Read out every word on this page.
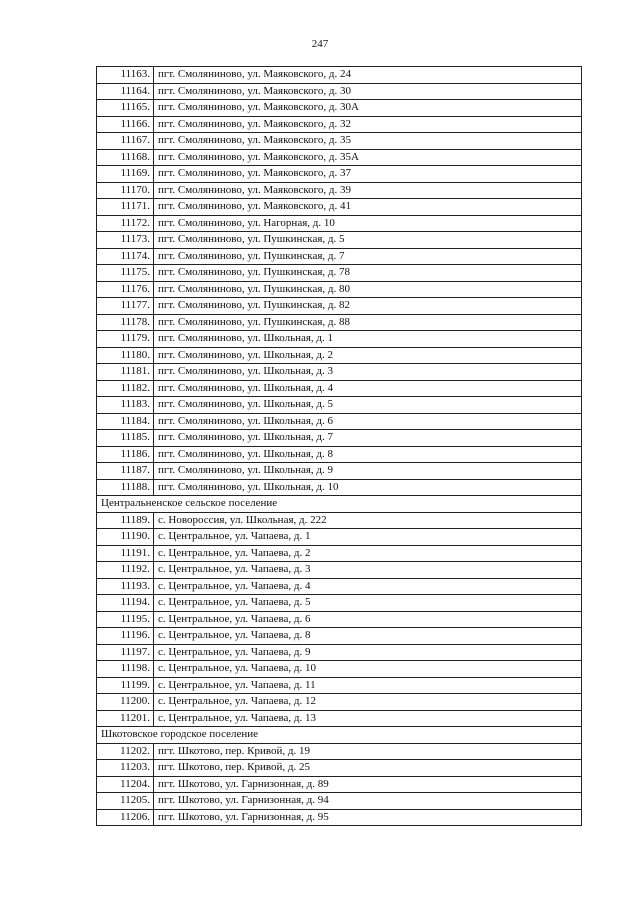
247
11163.	пгт. Смоляниново, ул. Маяковского, д. 24
11164.	пгт. Смоляниново, ул. Маяковского, д. 30
11165.	пгт. Смоляниново, ул. Маяковского, д. 30А
11166.	пгт. Смоляниново, ул. Маяковского, д. 32
11167.	пгт. Смоляниново, ул. Маяковского, д. 35
11168.	пгт. Смоляниново, ул. Маяковского, д. 35А
11169.	пгт. Смоляниново, ул. Маяковского, д. 37
11170.	пгт. Смоляниново, ул. Маяковского, д. 39
11171.	пгт. Смоляниново, ул. Маяковского, д. 41
11172.	пгт. Смоляниново, ул. Нагорная, д. 10
11173.	пгт. Смоляниново, ул. Пушкинская, д. 5
11174.	пгт. Смоляниново, ул. Пушкинская, д. 7
11175.	пгт. Смоляниново, ул. Пушкинская, д. 78
11176.	пгт. Смоляниново, ул. Пушкинская, д. 80
11177.	пгт. Смоляниново, ул. Пушкинская, д. 82
11178.	пгт. Смоляниново, ул. Пушкинская, д. 88
11179.	пгт. Смоляниново, ул. Школьная, д. 1
11180.	пгт. Смоляниново, ул. Школьная, д. 2
11181.	пгт. Смоляниново, ул. Школьная, д. 3
11182.	пгт. Смоляниново, ул. Школьная, д. 4
11183.	пгт. Смоляниново, ул. Школьная, д. 5
11184.	пгт. Смоляниново, ул. Школьная, д. 6
11185.	пгт. Смоляниново, ул. Школьная, д. 7
11186.	пгт. Смоляниново, ул. Школьная, д. 8
11187.	пгт. Смоляниново, ул. Школьная, д. 9
11188.	пгт. Смоляниново, ул. Школьная, д. 10
Центральненское сельское поселение	
11189.	с. Новороссия, ул. Школьная, д. 222
11190.	с. Центральное, ул. Чапаева, д. 1
11191.	с. Центральное, ул. Чапаева, д. 2
11192.	с. Центральное, ул. Чапаева, д. 3
11193.	с. Центральное, ул. Чапаева, д. 4
11194.	с. Центральное, ул. Чапаева, д. 5
11195.	с. Центральное, ул. Чапаева, д. 6
11196.	с. Центральное, ул. Чапаева, д. 8
11197.	с. Центральное, ул. Чапаева, д. 9
11198.	с. Центральное, ул. Чапаева, д. 10
11199.	с. Центральное, ул. Чапаева, д. 11
11200.	с. Центральное, ул. Чапаева, д. 12
11201.	с. Центральное, ул. Чапаева, д. 13
Шкотовское городское поселение	
11202.	пгт. Шкотово, пер. Кривой, д. 19
11203.	пгт. Шкотово, пер. Кривой, д. 25
11204.	пгт. Шкотово, ул. Гарнизонная, д. 89
11205.	пгт. Шкотово, ул. Гарнизонная, д. 94
11206.	пгт. Шкотово, ул. Гарнизонная, д. 95
